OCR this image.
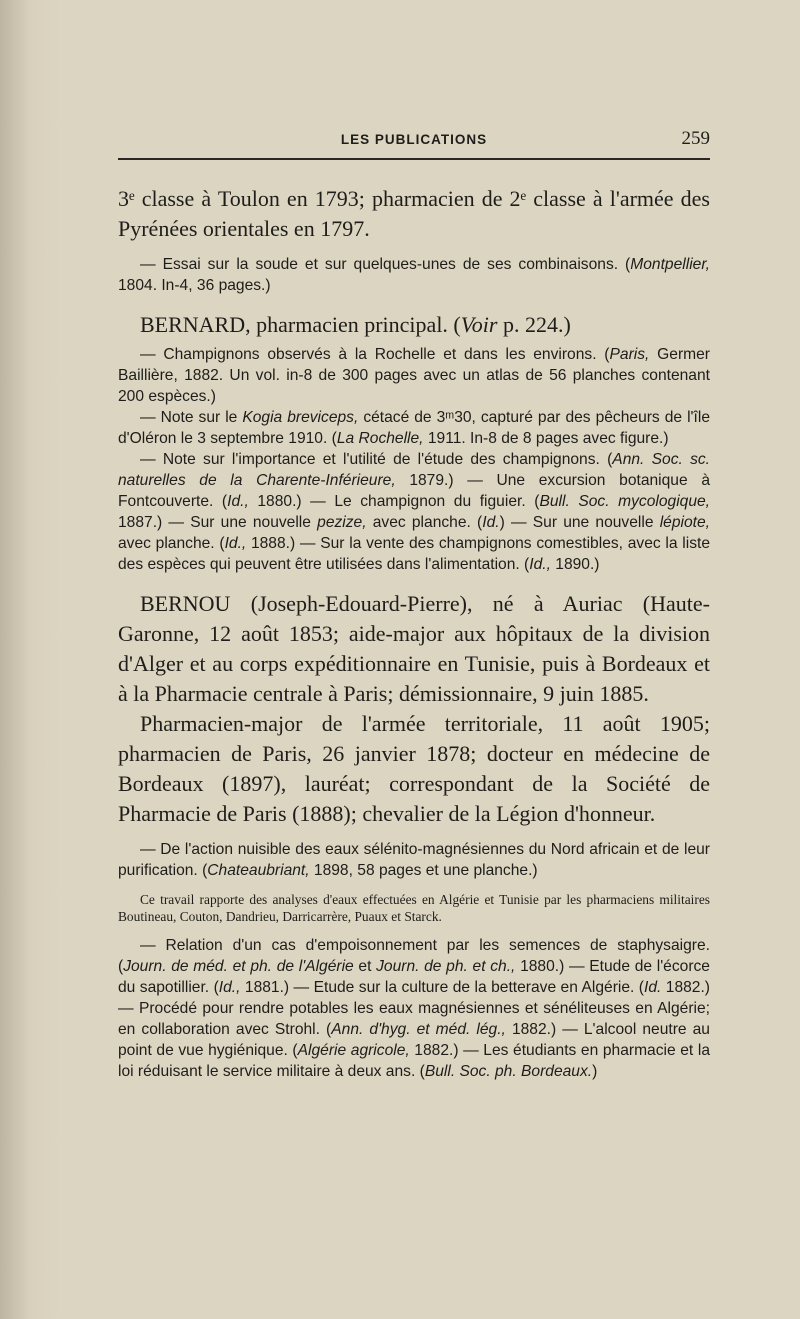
LES PUBLICATIONS	259

3ᵉ classe à Toulon en 1793; pharmacien de 2ᵉ classe à l'armée des Pyrénées orientales en 1797.

— Essai sur la soude et sur quelques-unes de ses combinaisons. (Montpellier, 1804. In-4, 36 pages.)

BERNARD, pharmacien principal. (Voir p. 224.)

— Champignons observés à la Rochelle et dans les environs. (Paris, Germer Baillière, 1882. Un vol. in-8 de 300 pages avec un atlas de 56 planches contenant 200 espèces.)

— Note sur le Kogia breviceps, cétacé de 3ᵐ30, capturé par des pêcheurs de l'île d'Oléron le 3 septembre 1910. (La Rochelle, 1911. In-8 de 8 pages avec figure.)

— Note sur l'importance et l'utilité de l'étude des champignons. (Ann. Soc. sc. naturelles de la Charente-Inférieure, 1879.) — Une excursion botanique à Fontcouverte. (Id., 1880.) — Le champignon du figuier. (Bull. Soc. mycologique, 1887.) — Sur une nouvelle pezize, avec planche. (Id.) — Sur une nouvelle lépiote, avec planche. (Id., 1888.) — Sur la vente des champignons comestibles, avec la liste des espèces qui peuvent être utilisées dans l'alimentation. (Id., 1890.)

BERNOU (Joseph-Edouard-Pierre), né à Auriac (Haute-Garonne, 12 août 1853; aide-major aux hôpitaux de la division d'Alger et au corps expéditionnaire en Tunisie, puis à Bordeaux et à la Pharmacie centrale à Paris; démissionnaire, 9 juin 1885.

Pharmacien-major de l'armée territoriale, 11 août 1905; pharmacien de Paris, 26 janvier 1878; docteur en médecine de Bordeaux (1897), lauréat; correspondant de la Société de Pharmacie de Paris (1888); chevalier de la Légion d'honneur.

— De l'action nuisible des eaux sélénito-magnésiennes du Nord africain et de leur purification. (Chateaubriant, 1898, 58 pages et une planche.)

Ce travail rapporte des analyses d'eaux effectuées en Algérie et Tunisie par les pharmaciens militaires Boutineau, Couton, Dandrieu, Darricarrère, Puaux et Starck.

— Relation d'un cas d'empoisonnement par les semences de staphysaigre. (Journ. de méd. et ph. de l'Algérie et Journ. de ph. et ch., 1880.) — Etude de l'écorce du sapotillier. (Id., 1881.) — Etude sur la culture de la betterave en Algérie. (Id. 1882.) — Procédé pour rendre potables les eaux magnésiennes et sénéliteuses en Algérie; en collaboration avec Strohl. (Ann. d'hyg. et méd. lég., 1882.) — L'alcool neutre au point de vue hygiénique. (Algérie agricole, 1882.) — Les étudiants en pharmacie et la loi réduisant le service militaire à deux ans. (Bull. Soc. ph. Bordeaux.)
